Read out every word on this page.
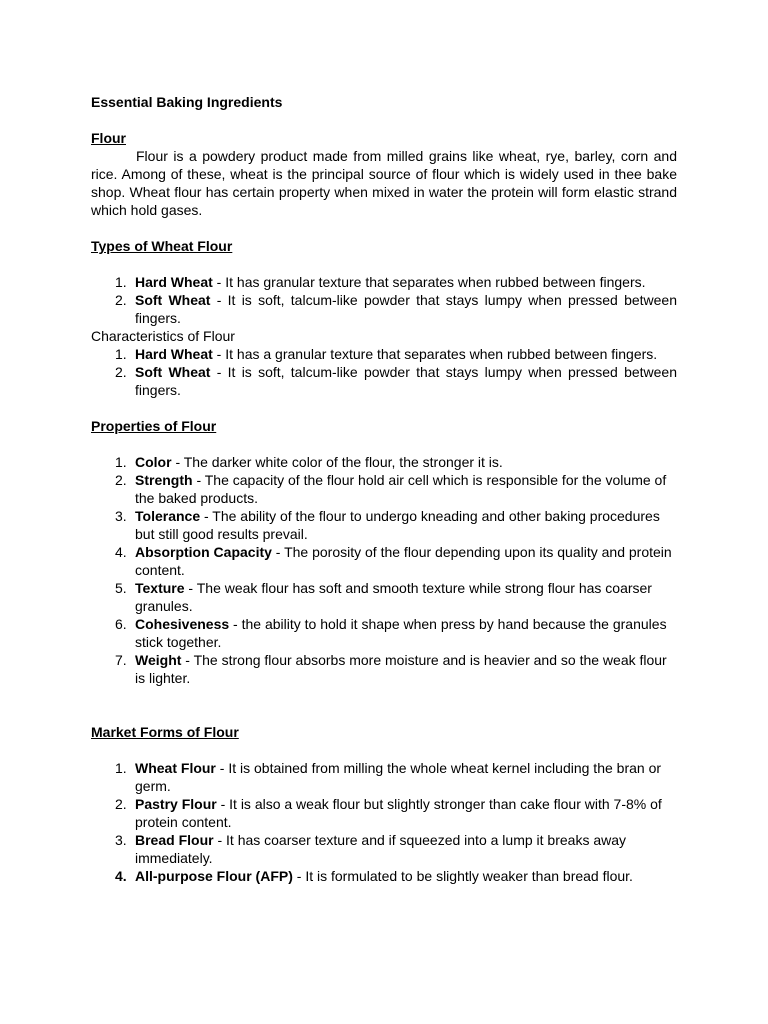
Essential Baking Ingredients

Flour

Flour is a powdery product made from milled grains like wheat, rye, barley, corn and rice. Among of these, wheat is the principal source of flour which is widely used in thee bake shop. Wheat flour has certain property when mixed in water the protein will form elastic strand which hold gases.

Types of Wheat Flour

1. Hard Wheat - It has granular texture that separates when rubbed between fingers.
2. Soft Wheat - It is soft, talcum-like powder that stays lumpy when pressed between fingers.

Characteristics of Flour

1. Hard Wheat - It has a granular texture that separates when rubbed between fingers.
2. Soft Wheat - It is soft, talcum-like powder that stays lumpy when pressed between fingers.

Properties of Flour

1. Color - The darker white color of the flour, the stronger it is.
2. Strength - The capacity of the flour hold air cell which is responsible for the volume of the baked products.
3. Tolerance - The ability of the flour to undergo kneading and other baking procedures but still good results prevail.
4. Absorption Capacity - The porosity of the flour depending upon its quality and protein content.
5. Texture - The weak flour has soft and smooth texture while strong flour has coarser granules.
6. Cohesiveness - the ability to hold it shape when press by hand because the granules stick together.
7. Weight - The strong flour absorbs more moisture and is heavier and so the weak flour is lighter.

Market Forms of Flour

1. Wheat Flour - It is obtained from milling the whole wheat kernel including the bran or germ.
2. Pastry Flour - It is also a weak flour but slightly stronger than cake flour with 7-8% of protein content.
3. Bread Flour - It has coarser texture and if squeezed into a lump it breaks away immediately.
4. All-purpose Flour (AFP) - It is formulated to be slightly weaker than bread flour.
